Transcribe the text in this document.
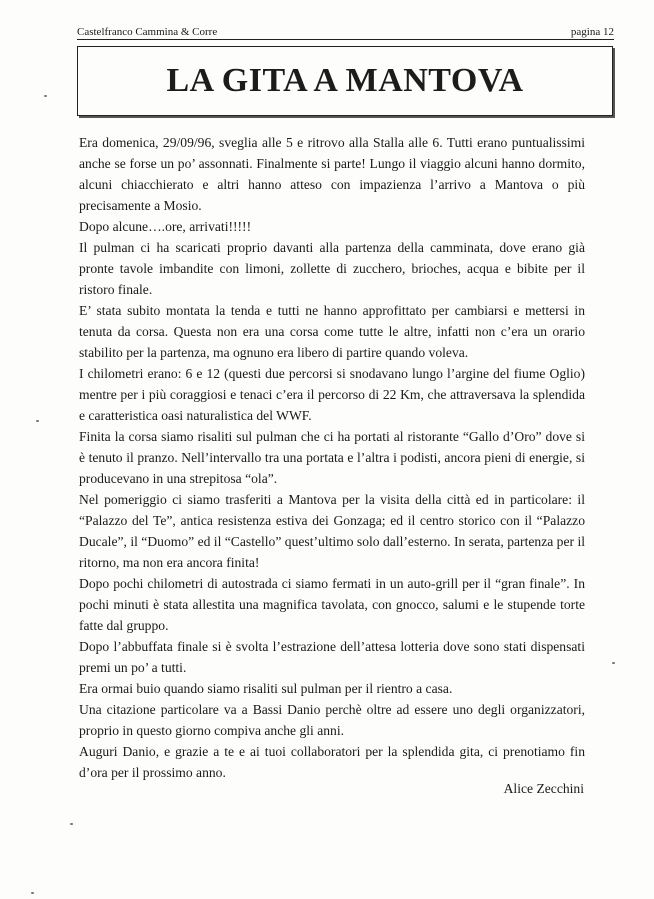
Castelfranco Cammina & Corre	pagina 12
LA GITA A MANTOVA

Era domenica, 29/09/96, sveglia alle 5 e ritrovo alla Stalla alle 6. Tutti erano puntualissimi anche se forse un po’ assonnati. Finalmente si parte! Lungo il viaggio alcuni hanno dormito, alcuni chiacchierato e altri hanno atteso con impazienza l’arrivo a Mantova o più precisamente a Mosio.

Dopo alcune….ore, arrivati!!!!!

Il pulman ci ha scaricati proprio davanti alla partenza della camminata, dove erano già pronte tavole imbandite con limoni, zollette di zucchero, brioches, acqua e bibite per il ristoro finale.

E’ stata subito montata la tenda e tutti ne hanno approfittato per cambiarsi e mettersi in tenuta da corsa. Questa non era una corsa come tutte le altre, infatti non c’era un orario stabilito per la partenza, ma ognuno era libero di partire quando voleva.

I chilometri erano: 6 e 12 (questi due percorsi si snodavano lungo l’argine del fiume Oglio) mentre per i più coraggiosi e tenaci c’era il percorso di 22 Km, che attraversava la splendida e caratteristica oasi naturalistica del WWF.

Finita la corsa siamo risaliti sul pulman che ci ha portati al ristorante “Gallo d’Oro” dove si è tenuto il pranzo. Nell’intervallo tra una portata e l’altra i podisti, ancora pieni di energie, si producevano in una strepitosa “ola”.

Nel pomeriggio ci siamo trasferiti a Mantova per la visita della città ed in particolare: il “Palazzo del Te”, antica resistenza estiva dei Gonzaga; ed il centro storico con il “Palazzo Ducale”, il “Duomo” ed il “Castello” quest’ultimo solo dall’esterno. In serata, partenza per il ritorno, ma non era ancora finita!

Dopo pochi chilometri di autostrada ci siamo fermati in un auto-grill per il “gran finale”. In pochi minuti è stata allestita una magnifica tavolata, con gnocco, salumi e le stupende torte fatte dal gruppo.

Dopo l’abbuffata finale si è svolta l’estrazione dell’attesa lotteria dove sono stati dispensati premi un po’ a tutti.

Era ormai buio quando siamo risaliti sul pulman per il rientro a casa.

Una citazione particolare va a Bassi Danio perchè oltre ad essere uno degli organizzatori, proprio in questo giorno compiva anche gli anni.

Auguri Danio, e grazie a te e ai tuoi collaboratori per la splendida gita, ci prenotiamo fin d’ora per il prossimo anno.

Alice Zecchini
